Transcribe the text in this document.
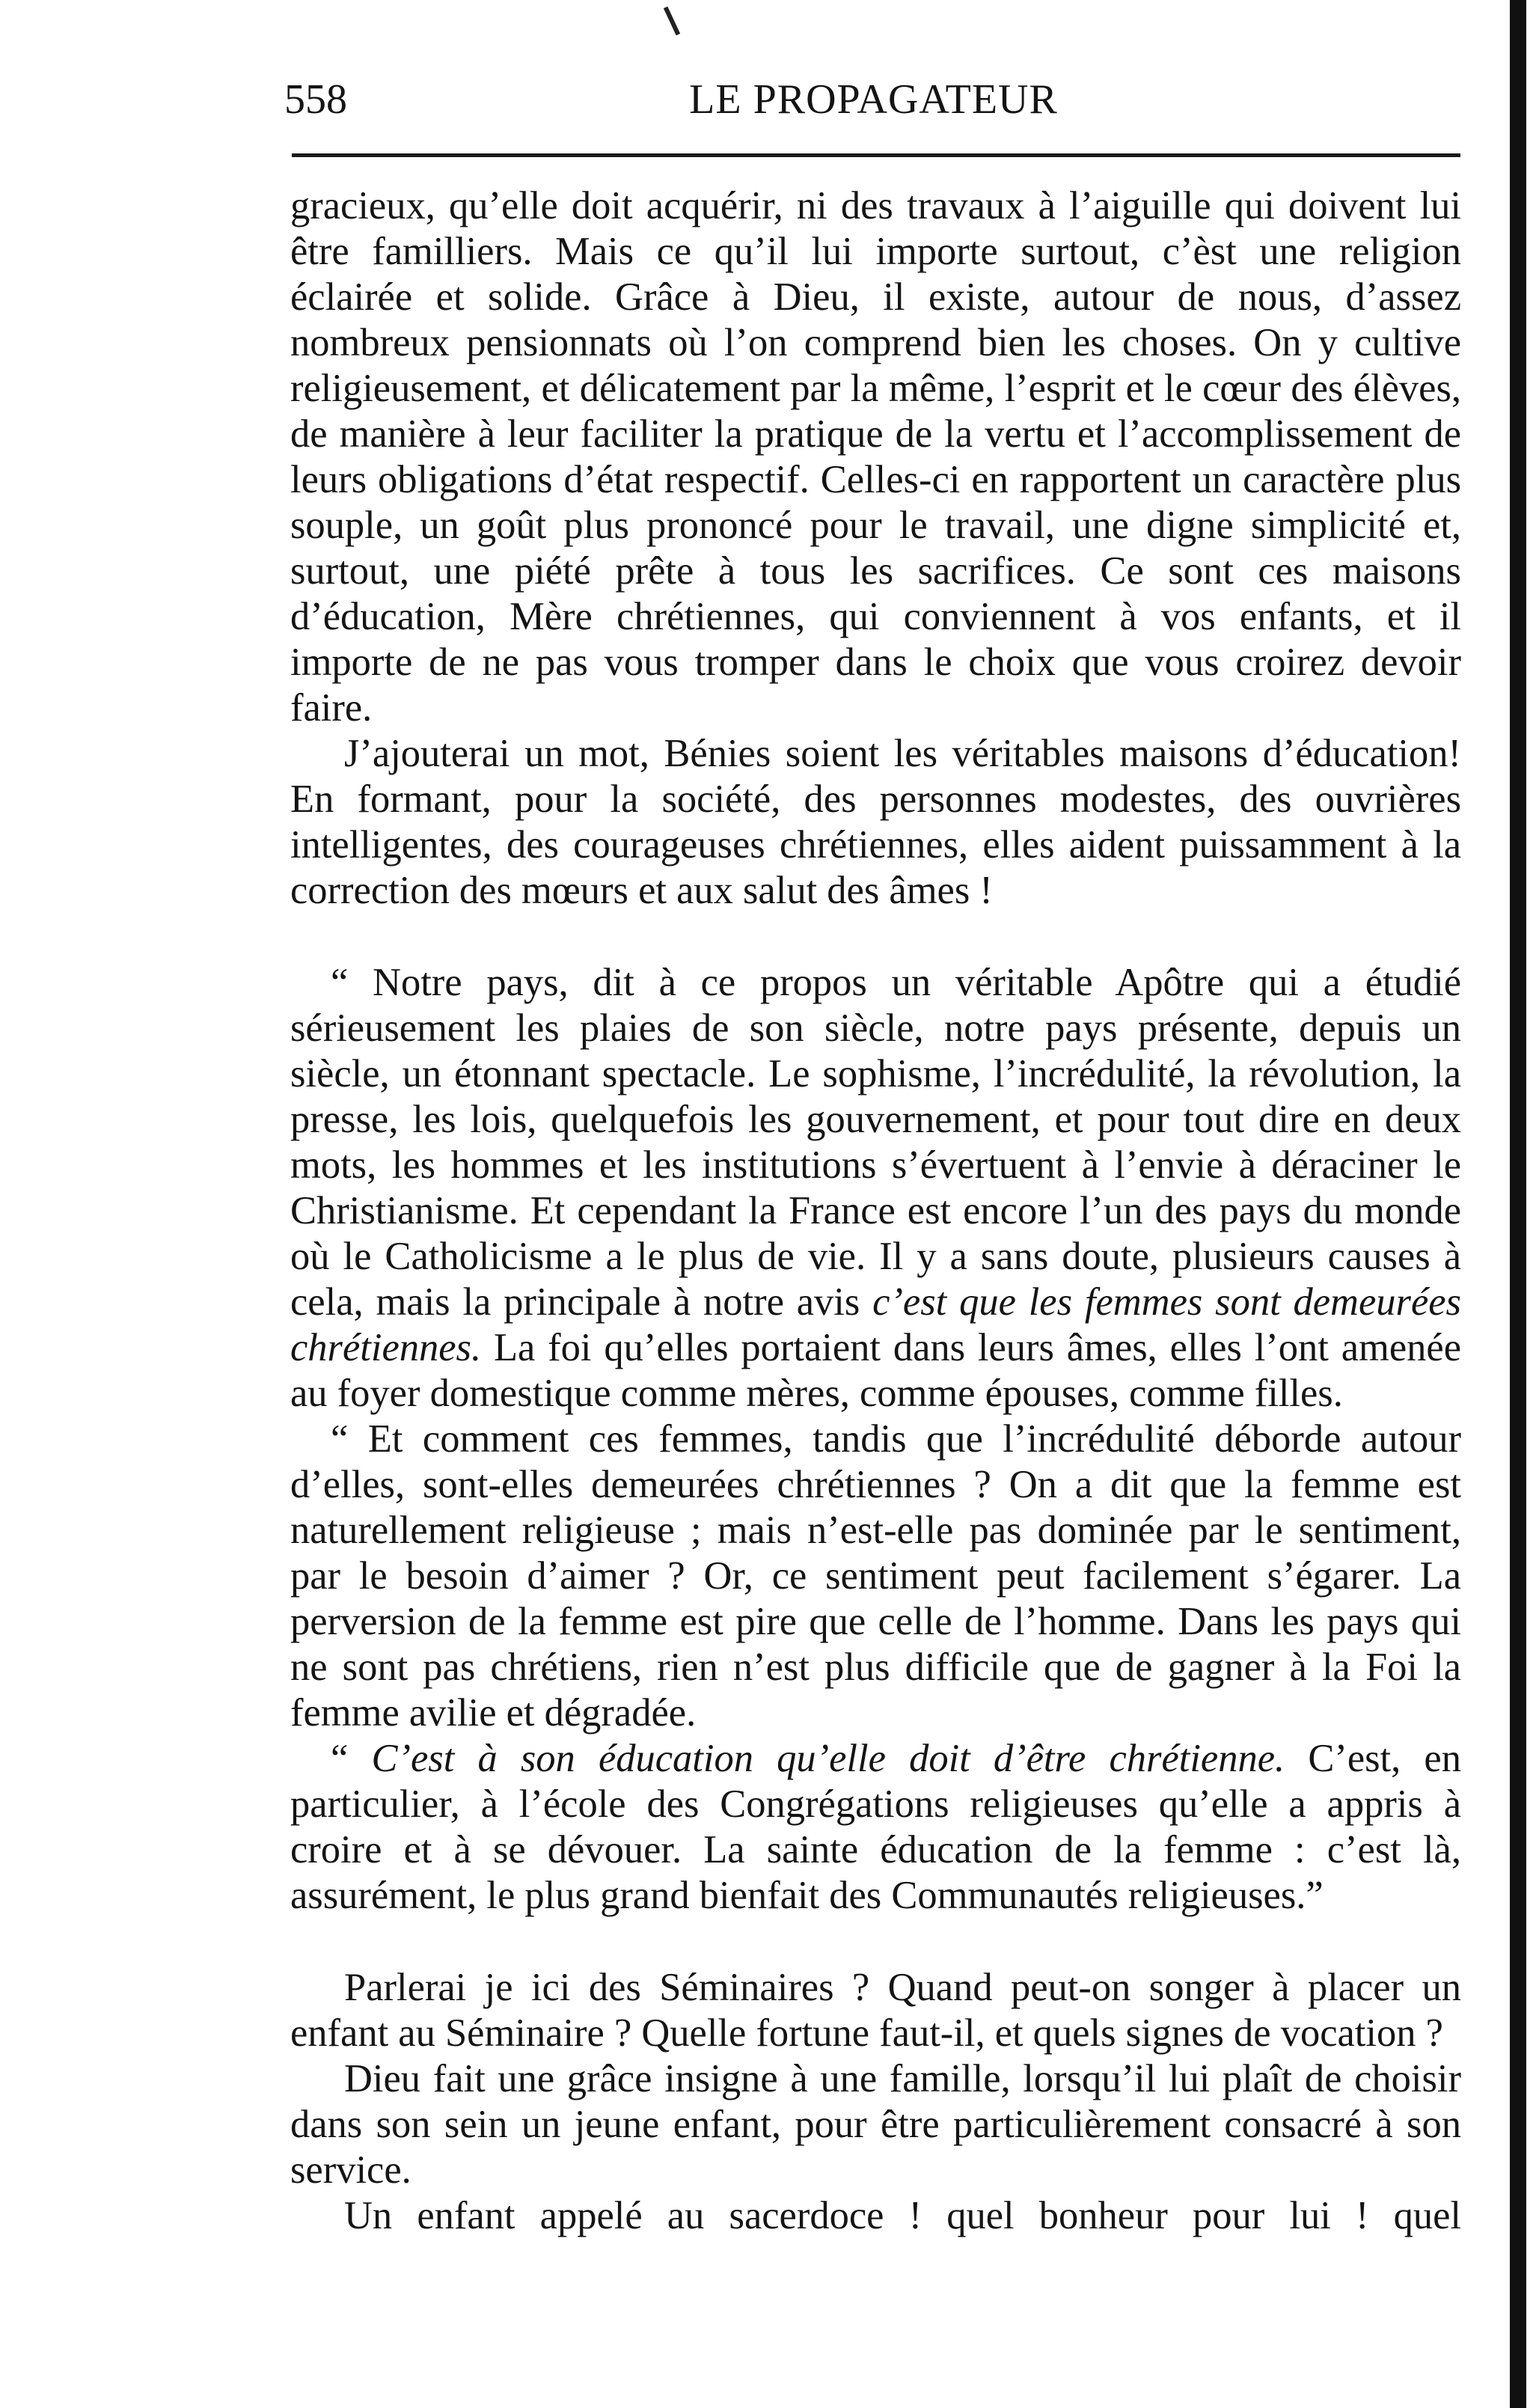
558	LE PROPAGATEUR

gracieux, qu’elle doit acquérir, ni des travaux à l’aiguille qui doivent lui être familliers. Mais ce qu’il lui importe surtout, c’èst une religion éclairée et solide. Grâce à Dieu, il existe, autour de nous, d’assez nombreux pensionnats où l’on comprend bien les choses. On y cultive religieusement, et délicatement par la même, l’esprit et le cœur des élèves, de manière à leur faciliter la pratique de la vertu et l’accomplissement de leurs obligations d’état respectif. Celles-ci en rapportent un caractère plus souple, un goût plus prononcé pour le travail, une digne simplicité et, surtout, une piété prête à tous les sacrifices. Ce sont ces maisons d’éducation, Mère chrétiennes, qui conviennent à vos enfants, et il importe de ne pas vous tromper dans le choix que vous croirez devoir faire.

J’ajouterai un mot, Bénies soient les véritables maisons d’éducation! En formant, pour la société, des personnes modestes, des ouvrières intelligentes, des courageuses chrétiennes, elles aident puissamment à la correction des mœurs et aux salut des âmes !

“ Notre pays, dit à ce propos un véritable Apôtre qui a étudié sérieusement les plaies de son siècle, notre pays présente, depuis un siècle, un étonnant spectacle. Le sophisme, l’incrédulité, la révolution, la presse, les lois, quelquefois les gouvernement, et pour tout dire en deux mots, les hommes et les institutions s’évertuent à l’envie à déraciner le Christianisme. Et cependant la France est encore l’un des pays du monde où le Catholicisme a le plus de vie. Il y a sans doute, plusieurs causes à cela, mais la principale à notre avis c’est que les femmes sont demeurées chrétiennes. La foi qu’elles portaient dans leurs âmes, elles l’ont amenée au foyer domestique comme mères, comme épouses, comme filles.

“ Et comment ces femmes, tandis que l’incrédulité déborde autour d’elles, sont-elles demeurées chrétiennes ? On a dit que la femme est naturellement religieuse ; mais n’est-elle pas dominée par le sentiment, par le besoin d’aimer ? Or, ce sentiment peut facilement s’égarer. La perversion de la femme est pire que celle de l’homme. Dans les pays qui ne sont pas chrétiens, rien n’est plus difficile que de gagner à la Foi la femme avilie et dégradée.

“ C’est à son éducation qu’elle doit d’être chrétienne. C’est, en particulier, à l’école des Congrégations religieuses qu’elle a appris à croire et à se dévouer. La sainte éducation de la femme : c’est là, assurément, le plus grand bienfait des Communautés religieuses.”

Parlerai je ici des Séminaires ? Quand peut-on songer à placer un enfant au Séminaire ? Quelle fortune faut-il, et quels signes de vocation ?

Dieu fait une grâce insigne à une famille, lorsqu’il lui plaît de choisir dans son sein un jeune enfant, pour être particulièrement consacré à son service.

Un enfant appelé au sacerdoce ! quel bonheur pour lui ! quel
